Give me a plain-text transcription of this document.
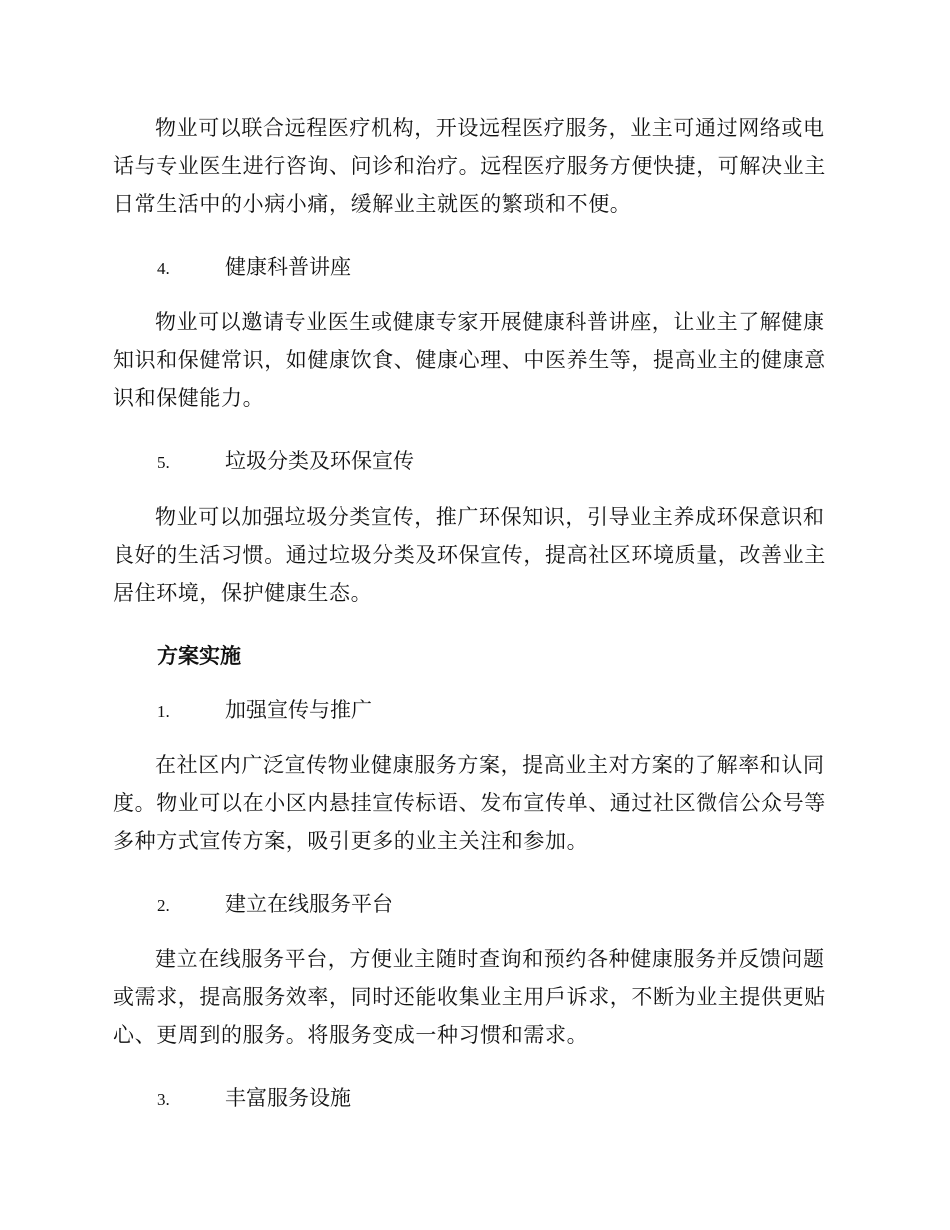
物业可以联合远程医疗机构，开设远程医疗服务，业主可通过网络或电话与专业医生进行咨询、问诊和治疗。远程医疗服务方便快捷，可解决业主日常生活中的小病小痛，缓解业主就医的繁琐和不便。

4.	健康科普讲座

物业可以邀请专业医生或健康专家开展健康科普讲座，让业主了解健康知识和保健常识，如健康饮食、健康心理、中医养生等，提高业主的健康意识和保健能力。

5.	垃圾分类及环保宣传

物业可以加强垃圾分类宣传，推广环保知识，引导业主养成环保意识和良好的生活习惯。通过垃圾分类及环保宣传，提高社区环境质量，改善业主居住环境，保护健康生态。

方案实施

1.	加强宣传与推广

在社区内广泛宣传物业健康服务方案，提高业主对方案的了解率和认同度。物业可以在小区内悬挂宣传标语、发布宣传单、通过社区微信公众号等多种方式宣传方案，吸引更多的业主关注和参加。

2.	建立在线服务平台

建立在线服务平台，方便业主随时查询和预约各种健康服务并反馈问题或需求，提高服务效率，同时还能收集业主用戶诉求，不断为业主提供更贴心、更周到的服务。将服务变成一种习惯和需求。

3.	丰富服务设施
